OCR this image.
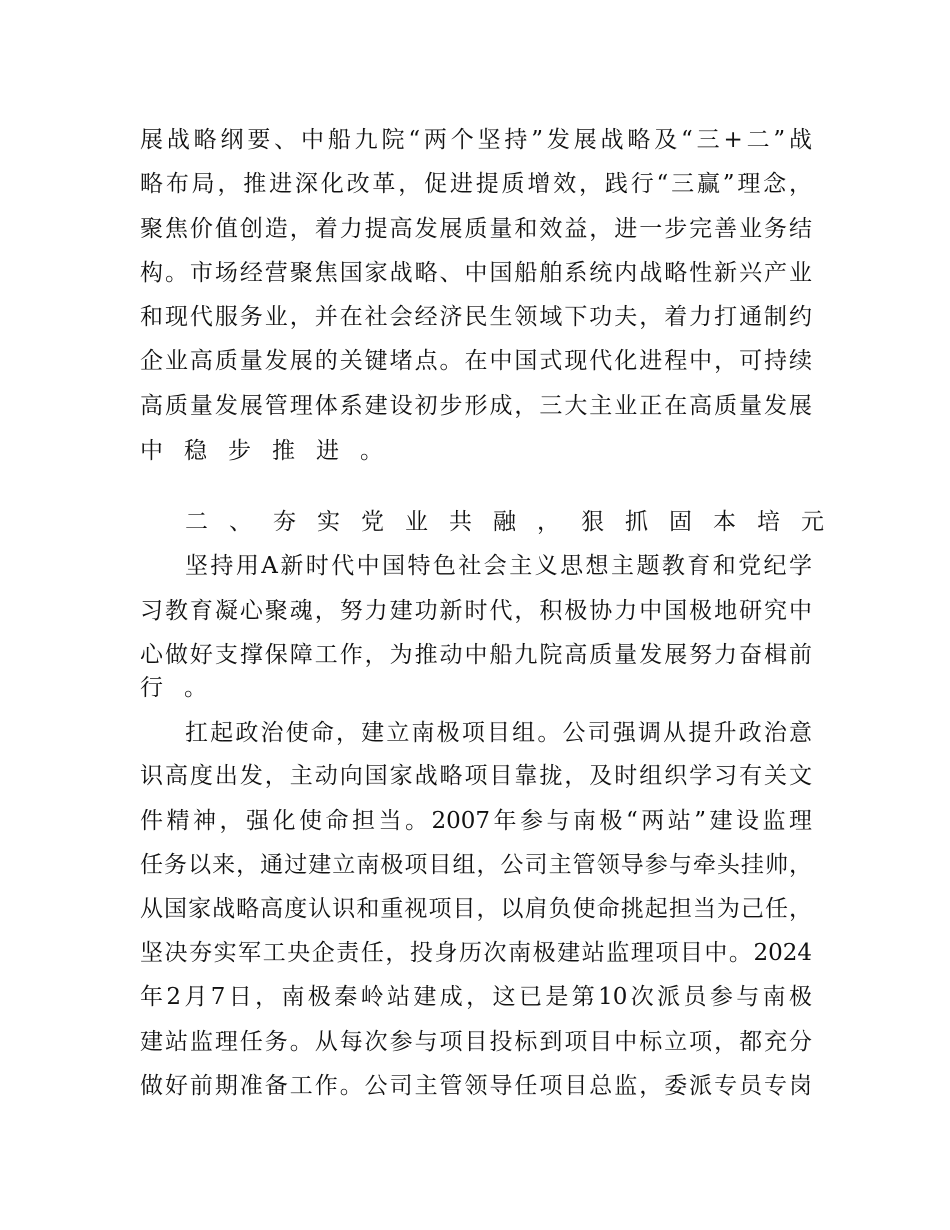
展战略纲要、中船九院“两个坚持”发展战略及“三+二”战
略布局，推进深化改革，促进提质增效，践行“三赢”理念，
聚焦价值创造，着力提高发展质量和效益，进一步完善业务结
构。市场经营聚焦国家战略、中国船舶系统内战略性新兴产业
和现代服务业，并在社会经济民生领域下功夫，着力打通制约
企业高质量发展的关键堵点。在中国式现代化进程中，可持续
高质量发展管理体系建设初步形成，三大主业正在高质量发展
中稳步推进。
二、夯实党业共融，狠抓固本培元
坚持用A新时代中国特色社会主义思想主题教育和党纪学
习教育凝心聚魂，努力建功新时代，积极协力中国极地研究中
心做好支撑保障工作，为推动中船九院高质量发展努力奋楫前
行。
扛起政治使命，建立南极项目组。公司强调从提升政治意
识高度出发，主动向国家战略项目靠拢，及时组织学习有关文
件精神，强化使命担当。2007年参与南极“两站”建设监理
任务以来，通过建立南极项目组，公司主管领导参与牵头挂帅，
从国家战略高度认识和重视项目，以肩负使命挑起担当为己任，
坚决夯实军工央企责任，投身历次南极建站监理项目中。2024
年2月7日，南极秦岭站建成，这已是第10次派员参与南极
建站监理任务。从每次参与项目投标到项目中标立项，都充分
做好前期准备工作。公司主管领导任项目总监，委派专员专岗
